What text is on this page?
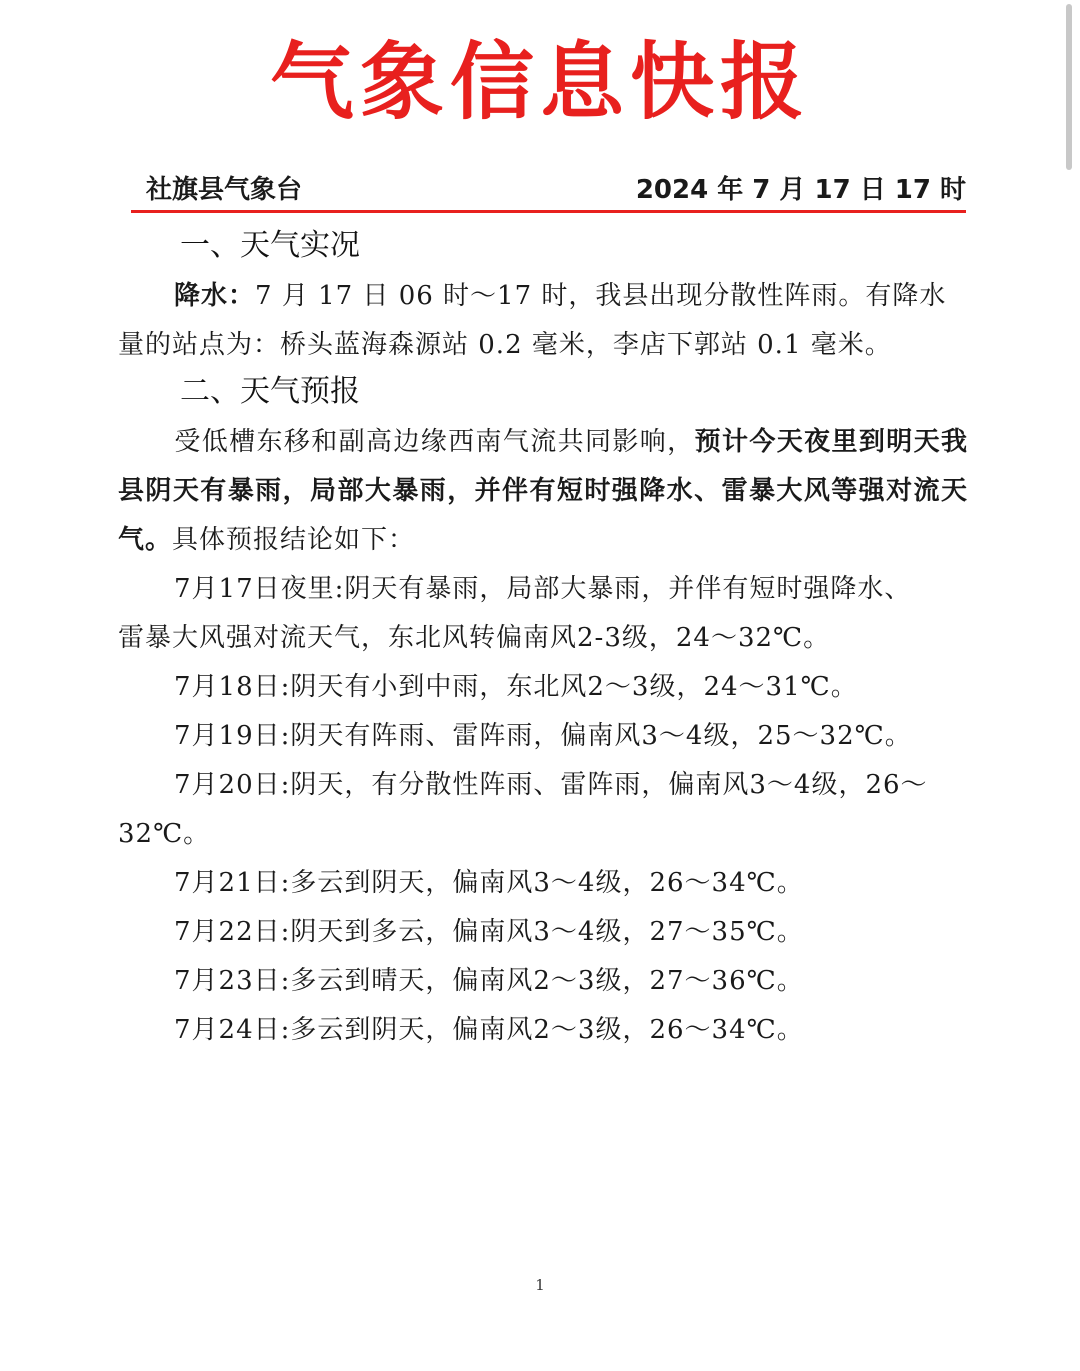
气象信息快报
社旗县气象台	2024 年 7 月 17 日 17 时
一、天气实况
降水：7 月 17 日 06 时～17 时，我县出现分散性阵雨。有降水
量的站点为：桥头蓝海森源站 0.2 毫米，李店下郭站 0.1 毫米。
二、天气预报
受低槽东移和副高边缘西南气流共同影响，预计今天夜里到明天我县阴天有暴雨，局部大暴雨，并伴有短时强降水、雷暴大风等强对流天气。具体预报结论如下：
7月17日夜里:阴天有暴雨，局部大暴雨，并伴有短时强降水、
雷暴大风强对流天气，东北风转偏南风2-3级，24～32℃。
7月18日:阴天有小到中雨，东北风2～3级，24～31℃。
7月19日:阴天有阵雨、雷阵雨，偏南风3～4级，25～32℃。
7月20日:阴天，有分散性阵雨、雷阵雨，偏南风3～4级，26～
32℃。
7月21日:多云到阴天，偏南风3～4级，26～34℃。
7月22日:阴天到多云，偏南风3～4级，27～35℃。
7月23日:多云到晴天，偏南风2～3级，27～36℃。
7月24日:多云到阴天，偏南风2～3级，26～34℃。
1
